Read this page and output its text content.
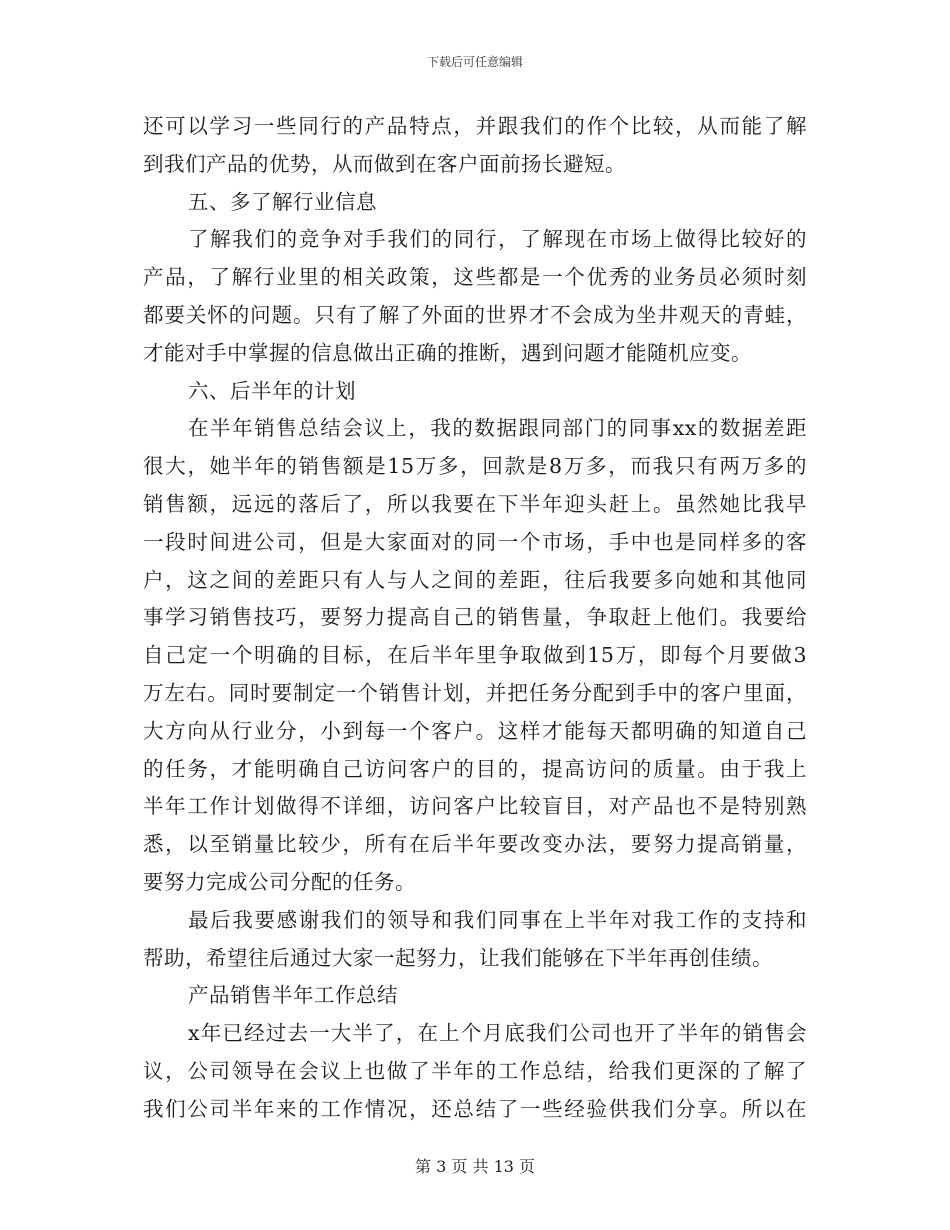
下载后可任意编辑
还可以学习一些同行的产品特点，并跟我们的作个比较，从而能了解
到我们产品的优势，从而做到在客户面前扬长避短。
五、多了解行业信息
了解我们的竞争对手我们的同行，了解现在市场上做得比较好的
产品，了解行业里的相关政策，这些都是一个优秀的业务员必须时刻
都要关怀的问题。只有了解了外面的世界才不会成为坐井观天的青蛙，
才能对手中掌握的信息做出正确的推断，遇到问题才能随机应变。
六、后半年的计划
在半年销售总结会议上，我的数据跟同部门的同事xx的数据差距
很大，她半年的销售额是15万多，回款是8万多，而我只有两万多的
销售额，远远的落后了，所以我要在下半年迎头赶上。虽然她比我早
一段时间进公司，但是大家面对的同一个市场，手中也是同样多的客
户，这之间的差距只有人与人之间的差距，往后我要多向她和其他同
事学习销售技巧，要努力提高自己的销售量，争取赶上他们。我要给
自己定一个明确的目标，在后半年里争取做到15万，即每个月要做3
万左右。同时要制定一个销售计划，并把任务分配到手中的客户里面，
大方向从行业分，小到每一个客户。这样才能每天都明确的知道自己
的任务，才能明确自己访问客户的目的，提高访问的质量。由于我上
半年工作计划做得不详细，访问客户比较盲目，对产品也不是特别熟
悉，以至销量比较少，所有在后半年要改变办法，要努力提高销量，
要努力完成公司分配的任务。
最后我要感谢我们的领导和我们同事在上半年对我工作的支持和
帮助，希望往后通过大家一起努力，让我们能够在下半年再创佳绩。
产品销售半年工作总结
x年已经过去一大半了，在上个月底我们公司也开了半年的销售会
议，公司领导在会议上也做了半年的工作总结，给我们更深的了解了
我们公司半年来的工作情况，还总结了一些经验供我们分享。所以在
第 3 页 共 13 页
